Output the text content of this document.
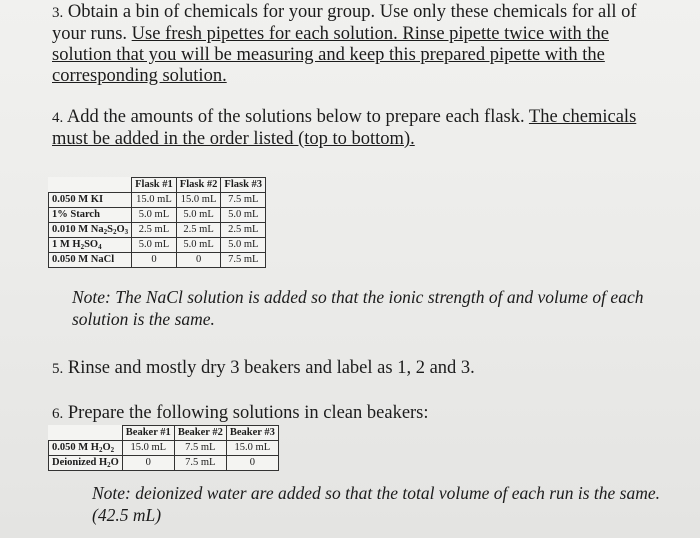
3. Obtain a bin of chemicals for your group. Use only these chemicals for all of your runs. Use fresh pipettes for each solution. Rinse pipette twice with the solution that you will be measuring and keep this prepared pipette with the corresponding solution.
4. Add the amounts of the solutions below to prepare each flask. The chemicals must be added in the order listed (top to bottom).
	Flask #1	Flask #2	Flask #3
0.050 M KI	15.0 mL	15.0 mL	7.5 mL
1% Starch	5.0 mL	5.0 mL	5.0 mL
0.010 M $Na_2S_2O_3$	2.5 mL	2.5 mL	2.5 mL
1 M $H_2SO_4$	5.0 mL	5.0 mL	5.0 mL
0.050 M NaCl	0	0	7.5 mL
Note: The NaCl solution is added so that the ionic strength of and volume of each solution is the same.
5. Rinse and mostly dry 3 beakers and label as 1, 2 and 3.
6. Prepare the following solutions in clean beakers:
	Beaker #1	Beaker #2	Beaker #3
0.050 M $H_2O_2$	15.0 mL	7.5 mL	15.0 mL
Deionized $H_2O$	0	7.5 mL	0
Note: deionized water are added so that the total volume of each run is the same. (42.5 mL)
